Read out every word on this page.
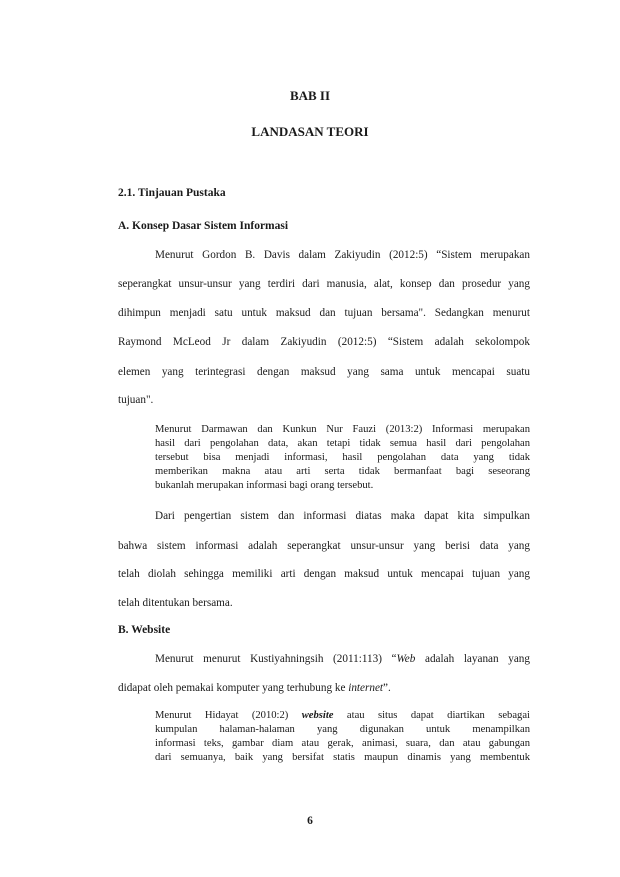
BAB II
LANDASAN TEORI
2.1. Tinjauan Pustaka
A. Konsep Dasar Sistem Informasi
Menurut Gordon B. Davis dalam Zakiyudin (2012:5) “Sistem merupakan
seperangkat unsur-unsur yang terdiri dari manusia, alat, konsep dan prosedur yang
dihimpun menjadi satu untuk maksud dan tujuan bersama". Sedangkan menurut
Raymond McLeod Jr dalam Zakiyudin (2012:5) “Sistem adalah sekolompok
elemen yang terintegrasi dengan maksud yang sama untuk mencapai suatu
tujuan".
Menurut Darmawan dan Kunkun Nur Fauzi (2013:2) Informasi merupakan
hasil dari pengolahan data, akan tetapi tidak semua hasil dari pengolahan
tersebut bisa menjadi informasi, hasil pengolahan data yang tidak
memberikan makna atau arti serta tidak bermanfaat bagi seseorang
bukanlah merupakan informasi bagi orang tersebut.
Dari pengertian sistem dan informasi diatas maka dapat kita simpulkan
bahwa sistem informasi adalah seperangkat unsur-unsur yang berisi data yang
telah diolah sehingga memiliki arti dengan maksud untuk mencapai tujuan yang
telah ditentukan bersama.
B. Website
Menurut menurut Kustiyahningsih (2011:113) “Web adalah layanan yang
didapat oleh pemakai komputer yang terhubung ke internet”.
Menurut Hidayat (2010:2) website atau situs dapat diartikan sebagai
kumpulan halaman-halaman yang digunakan untuk menampilkan
informasi teks, gambar diam atau gerak, animasi, suara, dan atau gabungan
dari semuanya, baik yang bersifat statis maupun dinamis yang membentuk
6
